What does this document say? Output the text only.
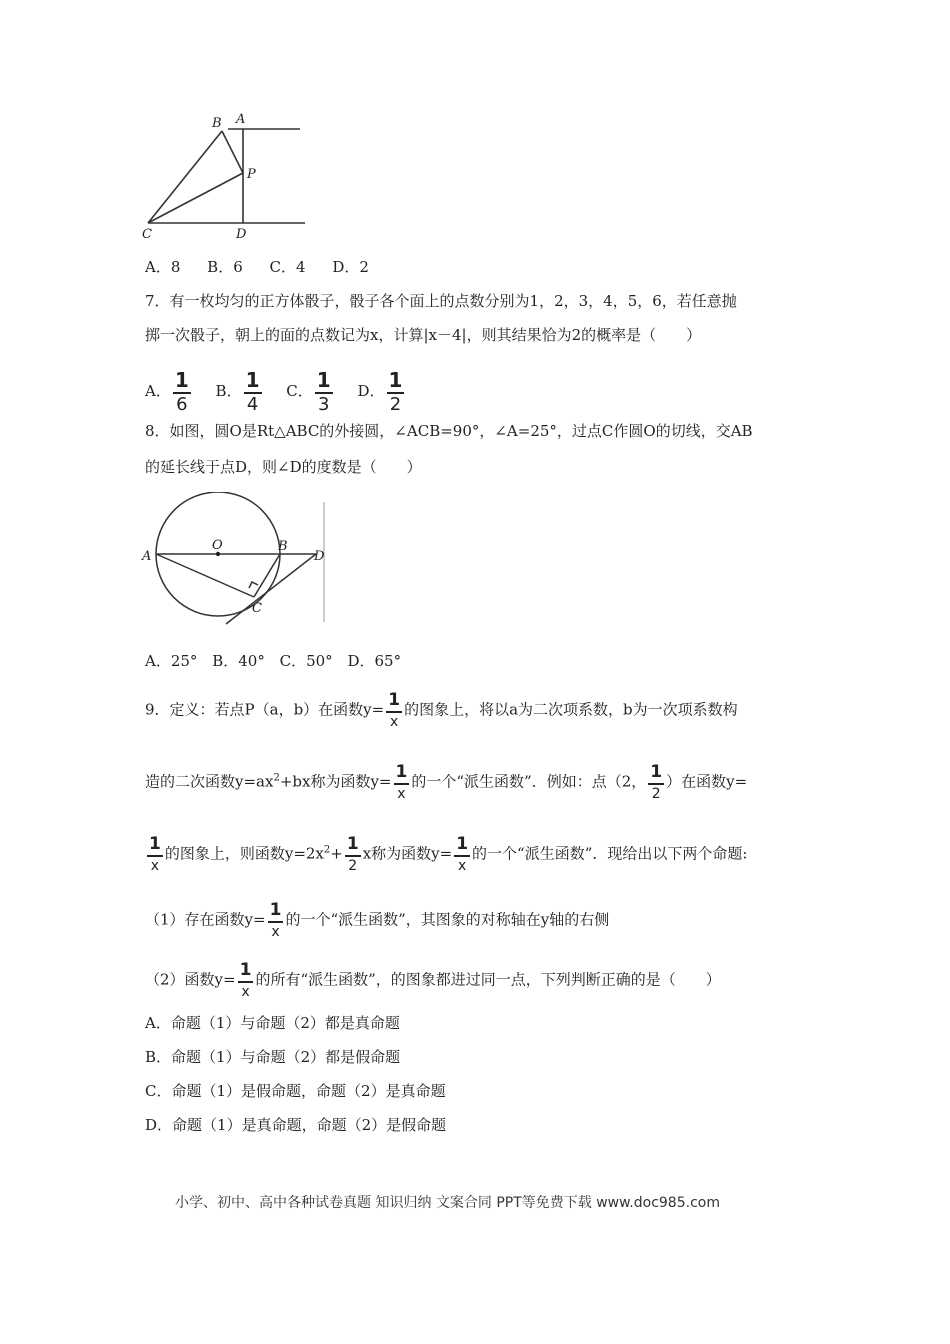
B A
P
C	D
A．8 B．6 C．4 D．2
7．有一枚均匀的正方体骰子，骰子各个面上的点数分别为1，2，3，4，5，6，若任意抛
掷一次骰子，朝上的面的点数记为x，计算|x－4|，则其结果恰为2的概率是（　　）
A． $\frac{1}{6}$ B． $\frac{1}{4}$ C． $\frac{1}{3}$ D． $\frac{1}{2}$
8．如图，圆O是Rt△ABC的外接圆，∠ACB=90°，∠A=25°，过点C作圆O的切线，交AB
的延长线于点D，则∠D的度数是（　　）
A
O	B
D
C
A．25° B．40° C．50° D．65°
9．定义：若点P（a，b）在函数$y= \frac{1}{x}$ 的图象上，将以a为二次项系数，b为一次项系数构
造的二次函数$y=ax^2+bx$称为函数$y= \frac{1}{x}$ 的一个“派生函数”．例如：点（2， $\frac{1}{2}$ ）在函数y=
$\frac{1}{x}$ 的图象上，则函数$y=2x^2+ \frac{1}{2}$ x称为函数$y= \frac{1}{x}$ 的一个“派生函数”．现给出以下两个命题:
（1）存在函数$y= \frac{1}{x}$ 的一个“派生函数”，其图象的对称轴在y轴的右侧
（2）函数$y= \frac{1}{x}$ 的所有“派生函数”，的图象都进过同一点，下列判断正确的是（　　）
A．命题（1）与命题（2）都是真命题
B．命题（1）与命题（2）都是假命题
C．命题（1）是假命题，命题（2）是真命题
D．命题（1）是真命题，命题（2）是假命题
小学、初中、高中各种试卷真题 知识归纳 文案合同 PPT等免费下载 www.doc985.com
